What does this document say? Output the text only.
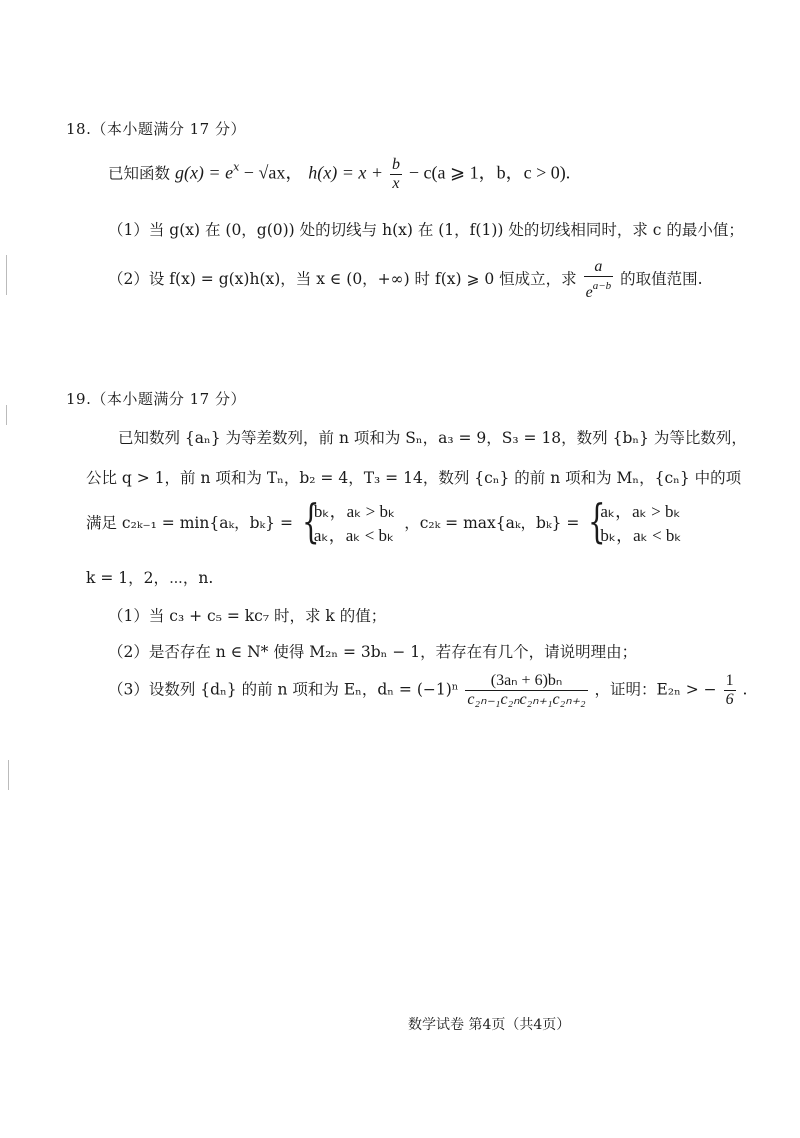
18.（本小题满分 17 分）
已知函数 $g(x) = e^x - √ax$， $h(x) = x + \frac{b}{x} - c(a$ ⩾ 1，b，c > 0).
（1）当 g(x) 在 (0，g(0)) 处的切线与 h(x) 在 (1，f(1)) 处的切线相同时，求 c 的最小值；
（2）设 f(x) = g(x)h(x)，当 x ∈ (0，+∞) 时 f(x) ⩾ 0 恒成立，求 $\frac{a}{e^{a-b}}$ 的取值范围.
19.（本小题满分 17 分）
已知数列 {aₙ} 为等差数列，前 n 项和为 Sₙ，a₃ = 9，S₃ = 18，数列 {bₙ} 为等比数列，
公比 q > 1，前 n 项和为 Tₙ，b₂ = 4，T₃ = 14，数列 {cₙ} 的前 n 项和为 Mₙ，{cₙ} 中的项
满足 c₂ₖ₋₁ = min{aₖ，bₖ} = {
bₖ，aₖ > bₖ
aₖ，aₖ < bₖ
，c₂ₖ = max{aₖ，bₖ} = {
aₖ，aₖ > bₖ
bₖ，aₖ < bₖ
k = 1，2，⋯，n.
（1）当 c₃ + c₅ = kc₇ 时，求 k 的值；
（2）是否存在 n ∈ N* 使得 M₂ₙ = 3bₙ − 1，若存在有几个，请说明理由；
（3）设数列 {dₙ} 的前 n 项和为 Eₙ，$d_n = (-1)^n \frac{\text{(3aₙ + 6)bₙ}}{\text{c₂ₙ₋₁c₂ₙc₂ₙ₊₁c₂ₙ₊₂}}$ ，证明：E₂ₙ > − $\frac{1}{6}$ .
数学试卷 第4页（共4页）
